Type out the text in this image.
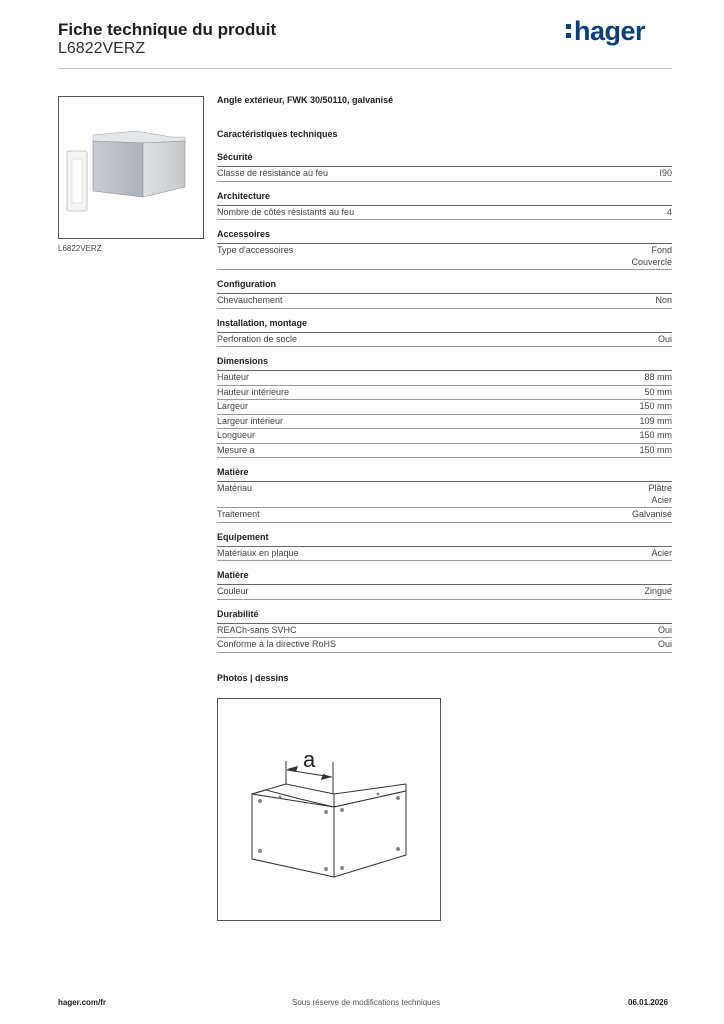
Fiche technique du produit
L6822VERZ
hager
L6822VERZ
Angle extérieur, FWK 30/50110, galvanisé
Caractéristiques techniques
Sécurité
Classe de résistance au feu	I90
Architecture
Nombre de côtés résistants au feu	4
Accessoires
Type d'accessoires	Fond
Couvercle
Configuration
Chevauchement	Non
Installation, montage
Perforation de socle	Oui
Dimensions
Hauteur	88 mm
Hauteur intérieure	50 mm
Largeur	150 mm
Largeur intérieur	109 mm
Longueur	150 mm
Mesure a	150 mm
Matière
Matériau	Plâtre
Acier
Traitement	Galvanisé
Equipement
Matériaux en plaque	Acier
Matière
Couleur	Zingué
Durabilité
REACh-sans SVHC	Oui
Conforme à la directive RoHS	Oui
Photos | dessins
a
hager.com/fr	Sous réserve de modifications techniques	06.01.2026
